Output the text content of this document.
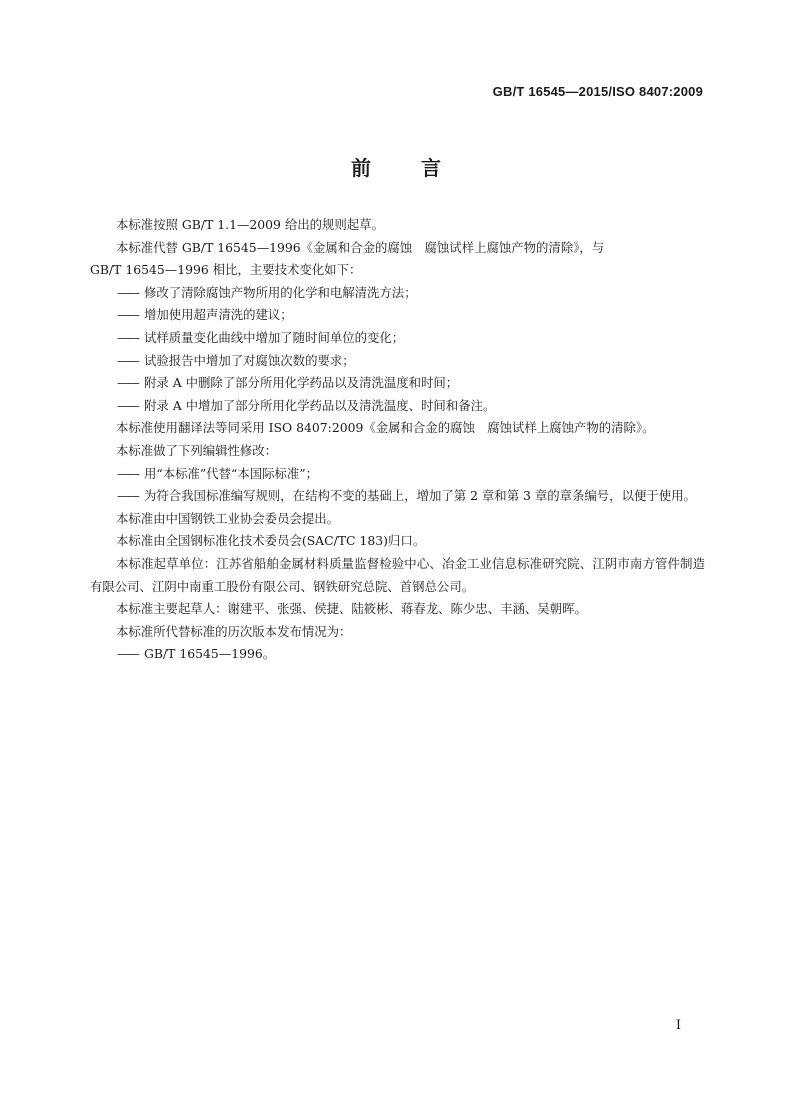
GB/T 16545—2015/ISO 8407:2009
前	言

本标准按照 GB/T 1.1—2009 给出的规则起草。

本标准代替 GB/T 16545—1996《金属和合金的腐蚀　腐蚀试样上腐蚀产物的清除》，与

GB/T 16545—1996 相比，主要技术变化如下：

—— 修改了清除腐蚀产物所用的化学和电解清洗方法；

—— 增加使用超声清洗的建议；

—— 试样质量变化曲线中增加了随时间单位的变化；

—— 试验报告中增加了对腐蚀次数的要求；

—— 附录 A 中删除了部分所用化学药品以及清洗温度和时间；

—— 附录 A 中增加了部分所用化学药品以及清洗温度、时间和备注。

本标准使用翻译法等同采用 ISO 8407:2009《金属和合金的腐蚀　腐蚀试样上腐蚀产物的清除》。

本标准做了下列编辑性修改：

—— 用“本标准”代替“本国际标准”；

—— 为符合我国标准编写规则，在结构不变的基础上，增加了第 2 章和第 3 章的章条编号，以便于使用。

本标准由中国钢铁工业协会委员会提出。

本标准由全国钢标准化技术委员会(SAC/TC 183)归口。

本标准起草单位：江苏省船舶金属材料质量监督检验中心、冶金工业信息标准研究院、江阴市南方管件制造有限公司、江阴中南重工股份有限公司、钢铁研究总院、首钢总公司。

本标准主要起草人：谢建平、张强、侯捷、陆筱彬、蒋春龙、陈少忠、丰涵、吴朝晖。

本标准所代替标准的历次版本发布情况为：

—— GB/T 16545—1996。

I
